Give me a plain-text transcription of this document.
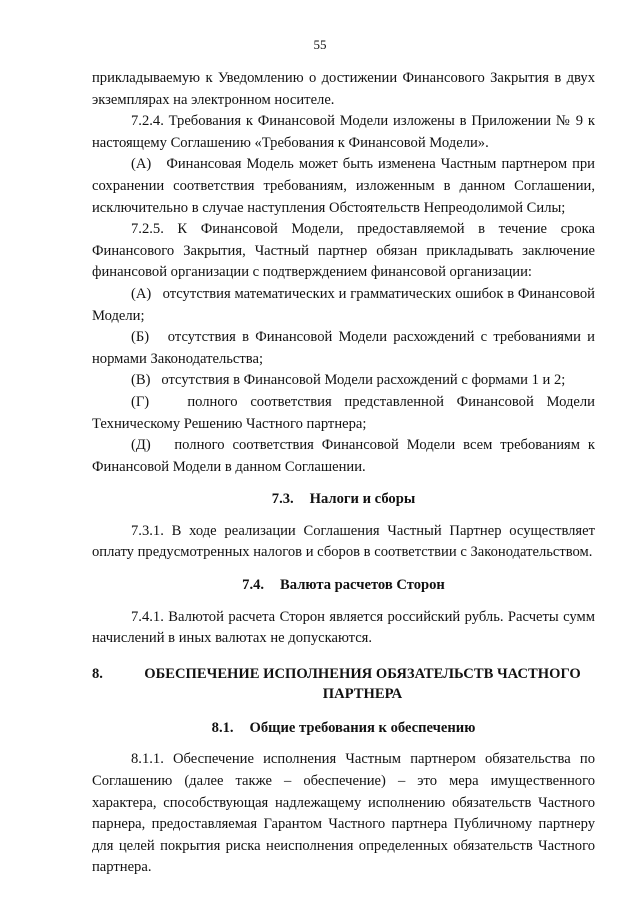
55

прикладываемую к Уведомлению о достижении Финансового Закрытия в двух экземплярах на электронном носителе.

7.2.4. Требования к Финансовой Модели изложены в Приложении № 9 к настоящему Соглашению «Требования к Финансовой Модели».

(А)   Финансовая Модель может быть изменена Частным партнером при сохранении соответствия требованиям, изложенным в данном Соглашении, исключительно в случае наступления Обстоятельств Непреодолимой Силы;

7.2.5. К Финансовой Модели, предоставляемой в течение срока Финансового Закрытия, Частный партнер обязан прикладывать заключение финансовой организации с подтверждением финансовой организации:

(А)   отсутствия математических и грамматических ошибок в Финансовой Модели;

(Б)   отсутствия в Финансовой Модели расхождений с требованиями и нормами Законодательства;

(В)   отсутствия в Финансовой Модели расхождений с формами 1 и 2;

(Г)   полного соответствия представленной Финансовой Модели Техническому Решению Частного партнера;

(Д)   полного соответствия Финансовой Модели всем требованиям к Финансовой Модели в данном Соглашении.

7.3. Налоги и сборы

7.3.1. В ходе реализации Соглашения Частный Партнер осуществляет оплату предусмотренных налогов и сборов в соответствии с Законодательством.

7.4. Валюта расчетов Сторон

7.4.1. Валютой расчета Сторон является российский рубль. Расчеты сумм начислений в иных валютах не допускаются.

8.	ОБЕСПЕЧЕНИЕ ИСПОЛНЕНИЯ ОБЯЗАТЕЛЬСТВ ЧАСТНОГО ПАРТНЕРА
8.1. Общие требования к обеспечению

8.1.1. Обеспечение исполнения Частным партнером обязательства по Соглашению (далее также – обеспечение) – это мера имущественного характера, способствующая надлежащему исполнению обязательств Частного парнера, предоставляемая Гарантом Частного партнера Публичному партнеру для целей покрытия риска неисполнения определенных обязательств Частного партнера.
